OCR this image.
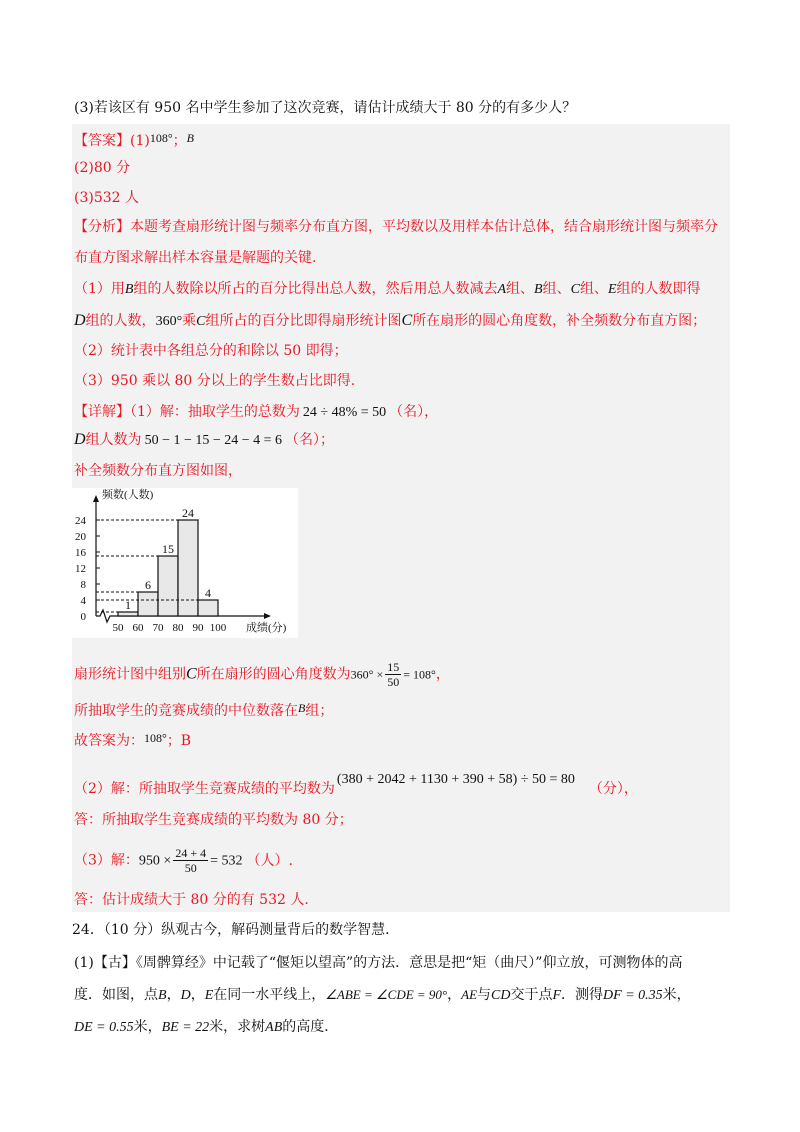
(3)若该区有 950 名中学生参加了这次竞赛，请估计成绩大于 80 分的有多少人？
【答案】(1)108°；B
(2)80 分
(3)532 人
【分析】本题考查扇形统计图与频率分布直方图，平均数以及用样本估计总体，结合扇形统计图与频率分
布直方图求解出样本容量是解题的关键.
（1）用B组的人数除以所占的百分比得出总人数，然后用总人数减去A组、B组、C组、E组的人数即得
D组的人数，360°乘C组所占的百分比即得扇形统计图C所在扇形的圆心角度数，补全频数分布直方图；
（2）统计表中各组总分的和除以 50 即得；
（3）950 乘以 80 分以上的学生数占比即得.
【详解】（1）解：抽取学生的总数为 24 ÷ 48% = 50 （名），
D组人数为 50 − 1 − 15 − 24 − 4 = 6 （名）；
补全频数分布直方图如图，
0
4
8
12
16
20
24
1
6
15
24
4
50 60 70 80 90 100
频数(人数)
成绩(分)
扇形统计图中组别C所在扇形的圆心角度数为$360^\circ \times \frac{15}{50} = 108^\circ$，
所抽取学生的竞赛成绩的中位数落在B组；
故答案为：108°；B
（2）解：所抽取学生竞赛成绩的平均数为(380 + 2042 + 1130 + 390 + 58) ÷ 50 = 80（分），
答：所抽取学生竞赛成绩的平均数为 80 分；
（3）解：$950 \times \frac{24 + 4}{50} = 532$ （人）.
答：估计成绩大于 80 分的有 532 人.
24．（10 分）纵观古今，解码测量背后的数学智慧．
(1)【古】《周髀算经》中记载了“偃矩以望高”的方法．意思是把“矩（曲尺）”仰立放，可测物体的高
度．如图，点B，D，E在同一水平线上，∠ABE = ∠CDE = 90°，AE与CD交于点F．测得DF = 0.35米，
DE = 0.55米，BE = 22米，求树AB的高度．
